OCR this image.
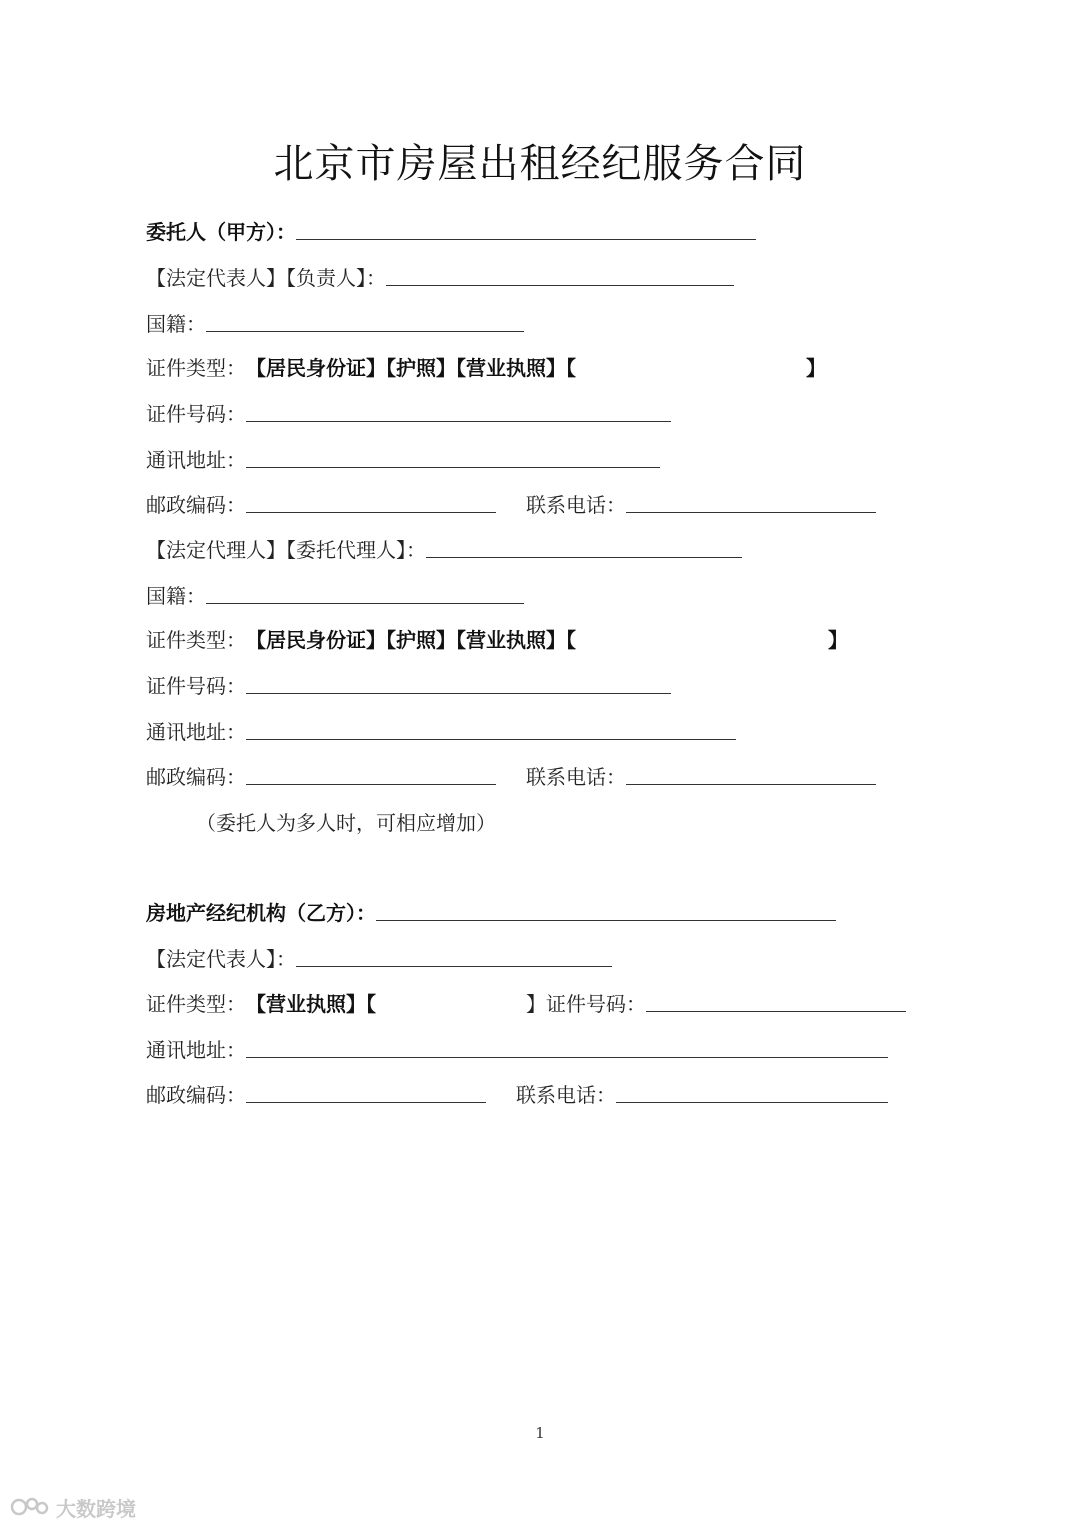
北京市房屋出租经纪服务合同
委托人（甲方）：
【法定代表人】【负责人】：
国籍：
证件类型：【居民身份证】【护照】【营业执照】【	】
证件号码：
通讯地址：
邮政编码：	联系电话：
【法定代理人】【委托代理人】：
国籍：
证件类型：【居民身份证】【护照】【营业执照】【	】
证件号码：
通讯地址：
邮政编码：	联系电话：
（委托人为多人时，可相应增加）
房地产经纪机构（乙方）：
【法定代表人】：
证件类型：【营业执照】【	】证件号码：
通讯地址：
邮政编码：	联系电话：
1
大数跨境
